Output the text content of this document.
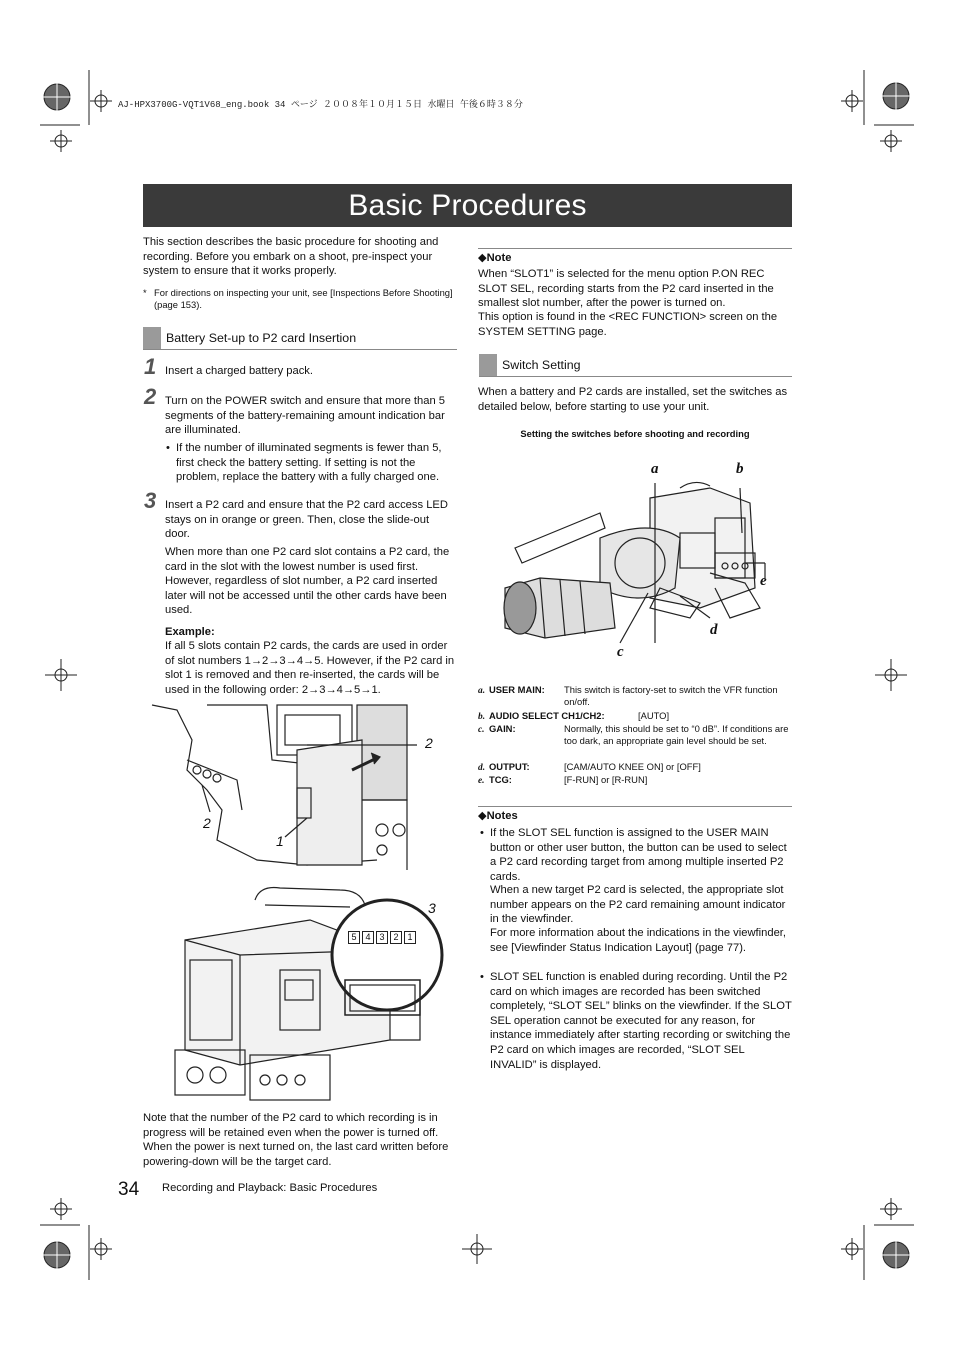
AJ-HPX3700G-VQT1V68_eng.book 34 ページ ２００８年１０月１５日 水曜日 午後６時３８分
Basic Procedures
This section describes the basic procedure for shooting and recording. Before you embark on a shoot, pre-inspect your system to ensure that it works properly.
* For directions on inspecting your unit, see [Inspections Before Shooting] (page 153).
Battery Set-up to P2 card Insertion
1 Insert a charged battery pack.
2 Turn on the POWER switch and ensure that more than 5 segments of the battery-remaining amount indication bar are illuminated.
• If the number of illuminated segments is fewer than 5, first check the battery setting. If setting is not the problem, replace the battery with a fully charged one.
3 Insert a P2 card and ensure that the P2 card access LED stays on in orange or green. Then, close the slide-out door.
When more than one P2 card slot contains a P2 card, the card in the slot with the lowest number is used first. However, regardless of slot number, a P2 card inserted later will not be accessed until the other cards have been used.
Example:
If all 5 slots contain P2 cards, the cards are used in order of slot numbers 1→2→3→4→5. However, if the P2 card in slot 1 is removed and then re-inserted, the cards will be used in the following order: 2→3→4→5→1.
2
2
1
3
5 4 3 2 1
Note that the number of the P2 card to which recording is in progress will be retained even when the power is turned off. When the power is next turned on, the last card written before powering-down will be the target card.
◆Note
When “SLOT1” is selected for the menu option P.ON REC SLOT SEL, recording starts from the P2 card inserted in the smallest slot number, after the power is turned on.
This option is found in the <REC FUNCTION> screen on the SYSTEM SETTING page.
Switch Setting
When a battery and P2 cards are installed, set the switches as detailed below, before starting to use your unit.
Setting the switches before shooting and recording
a	b
c
d
e
a. USER MAIN: This switch is factory-set to switch the VFR function on/off.
b. AUDIO SELECT CH1/CH2:	[AUTO]
c. GAIN:	Normally, this should be set to “0 dB”. If conditions are too dark, an appropriate gain level should be set.
d. OUTPUT:	[CAM/AUTO KNEE ON] or [OFF]
e. TCG:	[F-RUN] or [R-RUN]
◆Notes
• If the SLOT SEL function is assigned to the USER MAIN button or other user button, the button can be used to select a P2 card recording target from among multiple inserted P2 cards.
When a new target P2 card is selected, the appropriate slot number appears on the P2 card remaining amount indicator in the viewfinder.
For more information about the indications in the viewfinder, see [Viewfinder Status Indication Layout] (page 77).
• SLOT SEL function is enabled during recording. Until the P2 card on which images are recorded has been switched completely, “SLOT SEL” blinks on the viewfinder. If the SLOT SEL operation cannot be executed for any reason, for instance immediately after starting recording or switching the P2 card on which images are recorded, “SLOT SEL INVALID” is displayed.
34 Recording and Playback: Basic Procedures
